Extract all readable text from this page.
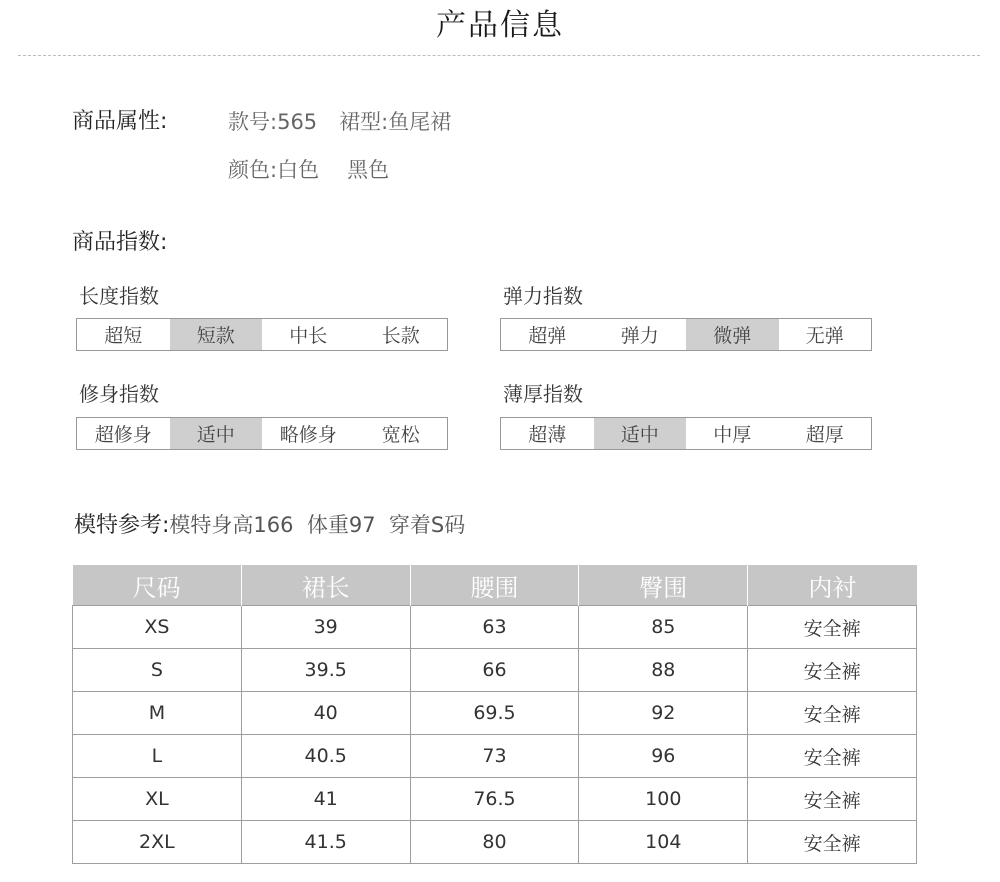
产品信息
商品属性:	款号:565 裙型:鱼尾裙
颜色:白色 黑色
商品指数:
长度指数
超短	短款	中长	长款
弹力指数
超弹	弹力	微弹	无弹
修身指数
超修身	适中	略修身	宽松
薄厚指数
超薄	适中	中厚	超厚
模特参考:模特身高166  体重97  穿着S码
尺码	裙长	腰围	臀围	内衬
XS	39	63	85	安全裤
S	39.5	66	88	安全裤
M	40	69.5	92	安全裤
L	40.5	73	96	安全裤
XL	41	76.5	100	安全裤
2XL	41.5	80	104	安全裤
